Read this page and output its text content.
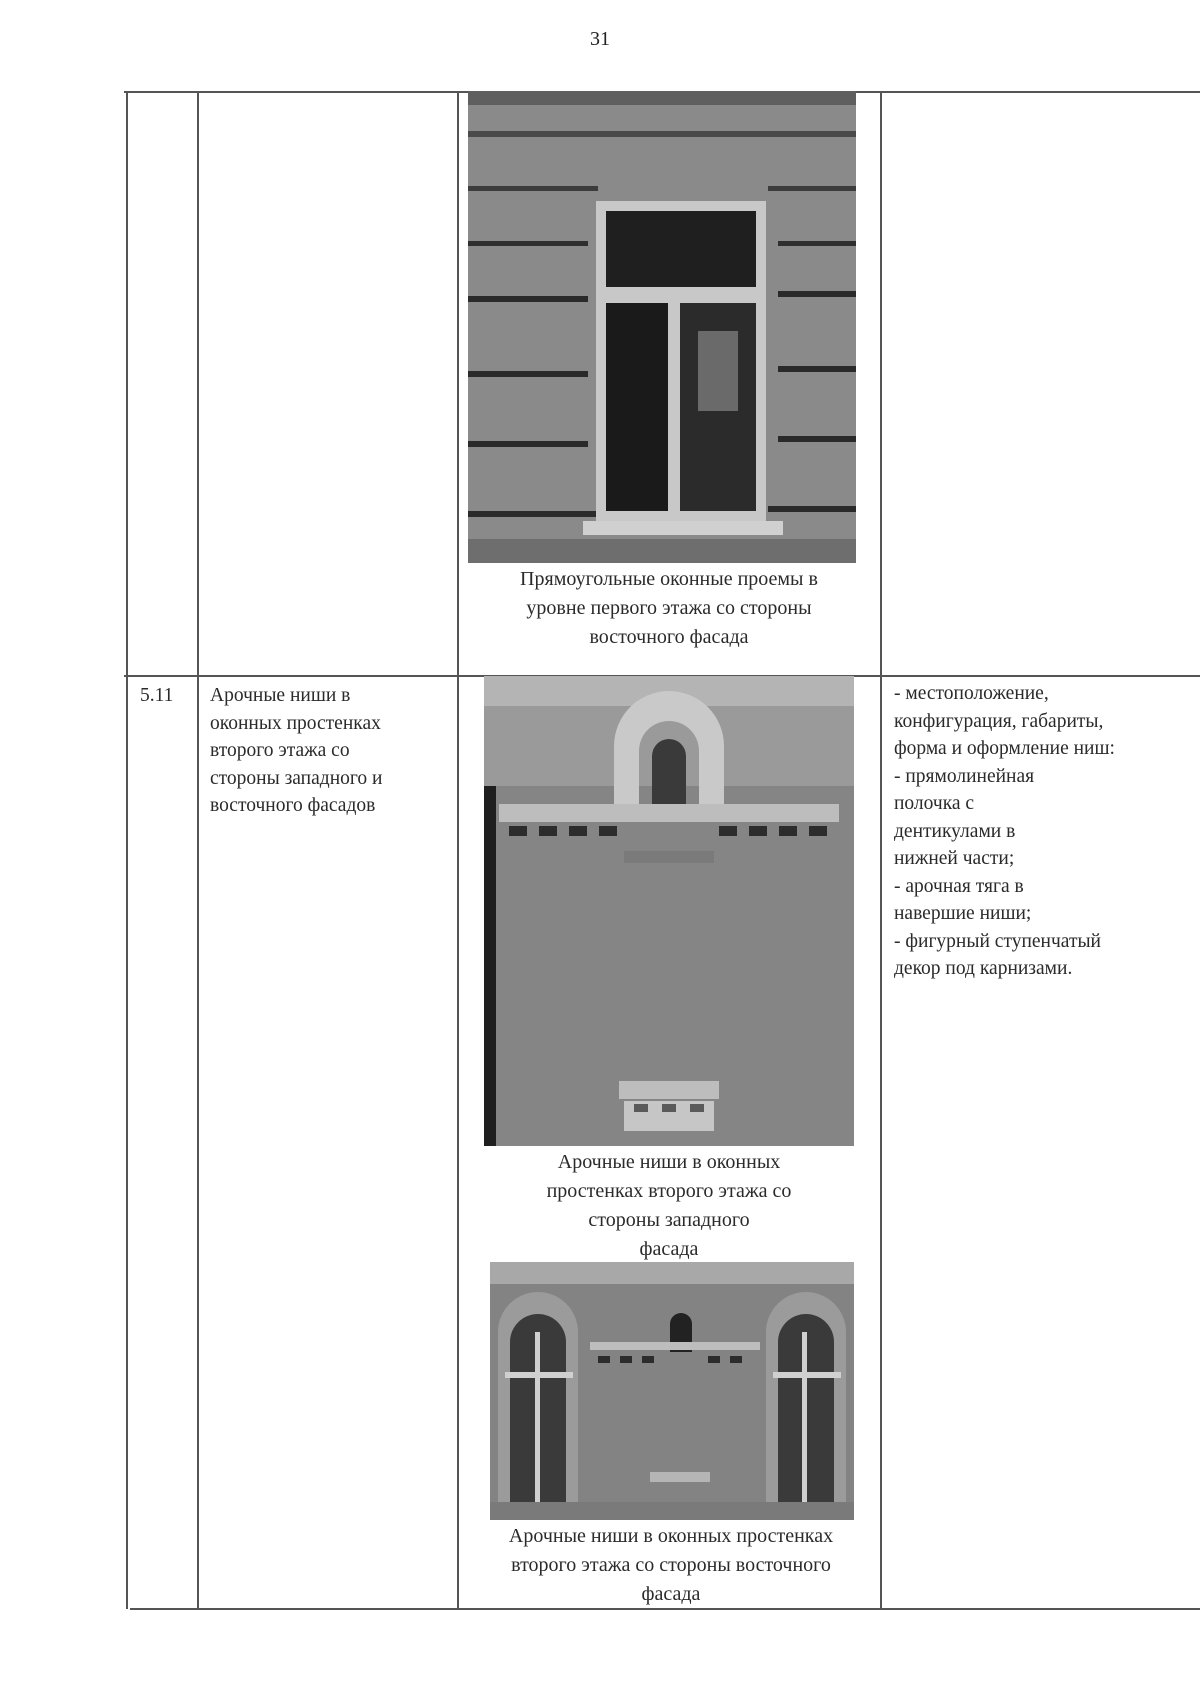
31
Прямоугольные оконные проемы в
уровне первого этажа со стороны
восточного фасада
5.11 Арочные ниши в
оконных простенках
второго этажа со
стороны западного и
восточного фасадов
Арочные ниши в оконных
простенках второго этажа со
стороны западного
фасада
Арочные ниши в оконных простенках
второго этажа со стороны восточного
фасада
- местоположение,
конфигурация, габариты,
форма и оформление ниш:
- прямолинейная
полочка с
дентикулами в
нижней части;
- арочная тяга в
навершие ниши;
- фигурный ступенчатый
декор под карнизами.
